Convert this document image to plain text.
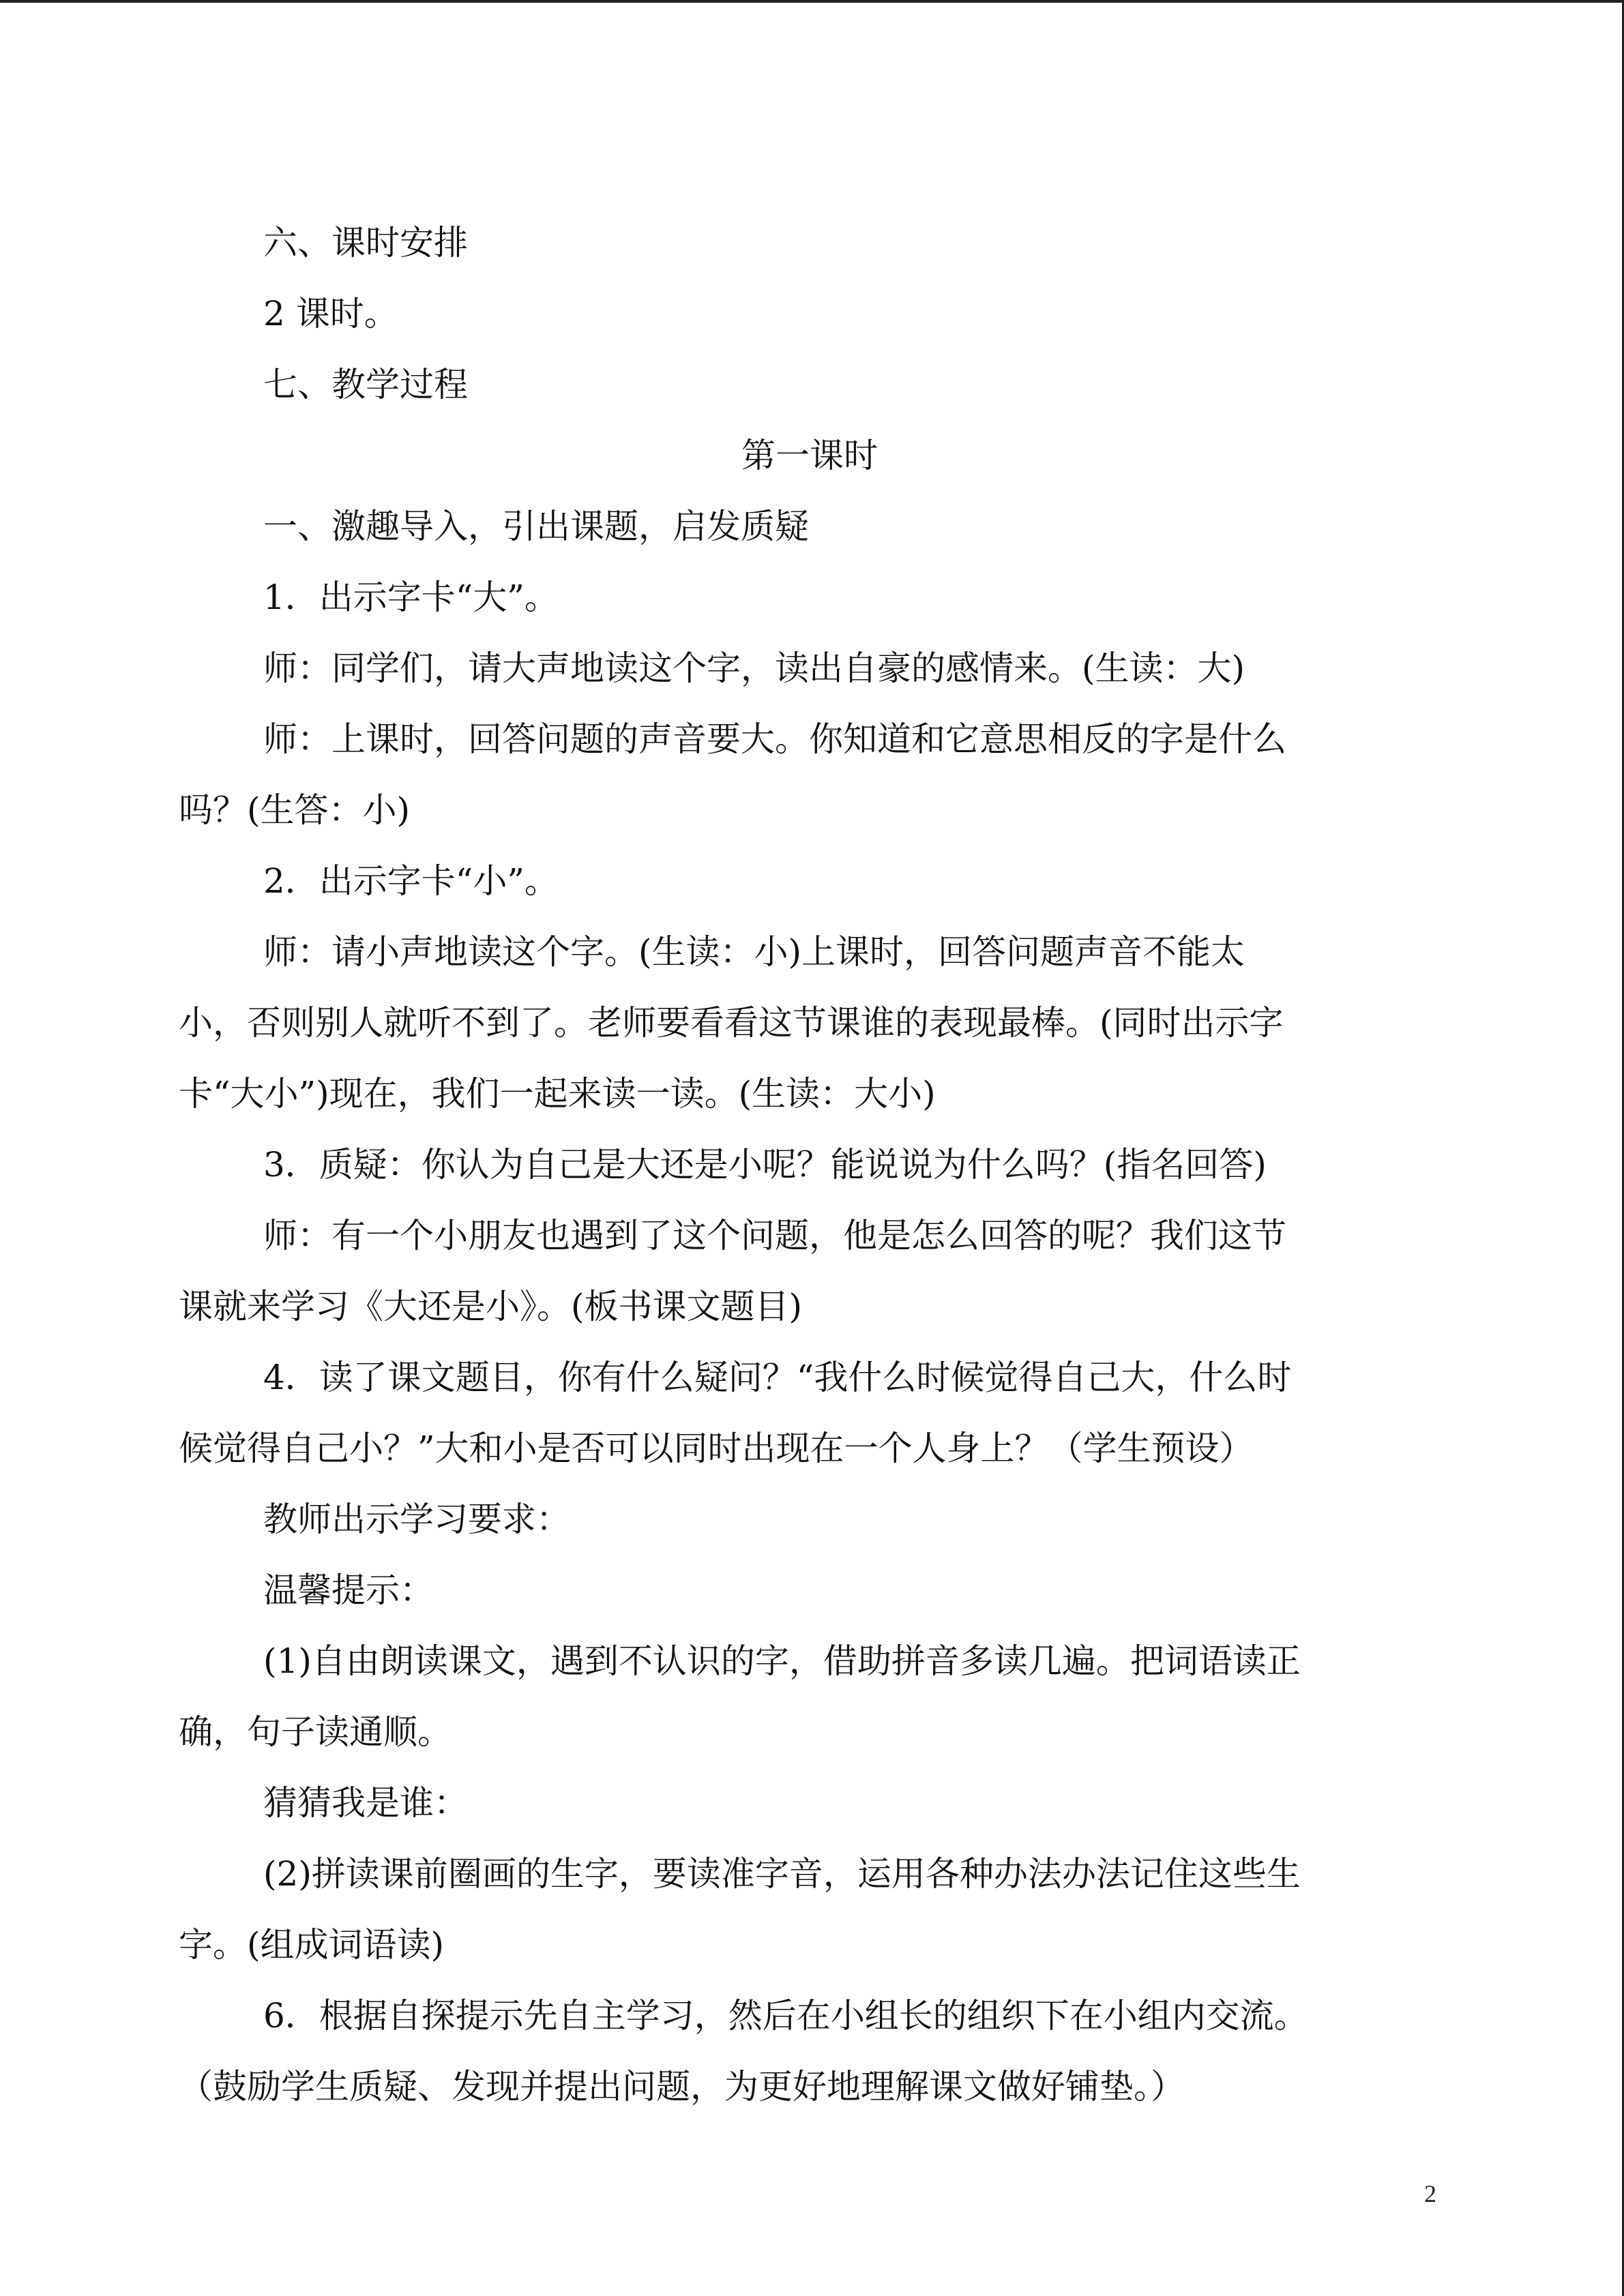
六、课时安排
2 课时。
七、教学过程
第一课时
一、激趣导入，引出课题，启发质疑
1．出示字卡“大”。
师：同学们，请大声地读这个字，读出自豪的感情来。(生读：大)
师：上课时，回答问题的声音要大。你知道和它意思相反的字是什么
吗？(生答：小)
2．出示字卡“小”。
师：请小声地读这个字。(生读：小)上课时，回答问题声音不能太
小，否则别人就听不到了。老师要看看这节课谁的表现最棒。(同时出示字
卡“大小”)现在，我们一起来读一读。(生读：大小)
3．质疑：你认为自己是大还是小呢？能说说为什么吗？(指名回答)
师：有一个小朋友也遇到了这个问题，他是怎么回答的呢？我们这节
课就来学习《大还是小》。(板书课文题目)
4．读了课文题目，你有什么疑问？“我什么时候觉得自己大，什么时
候觉得自己小？”大和小是否可以同时出现在一个人身上？（学生预设）
教师出示学习要求：
温馨提示：
(1)自由朗读课文，遇到不认识的字，借助拼音多读几遍。把词语读正
确，句子读通顺。
猜猜我是谁：
(2)拼读课前圈画的生字，要读准字音，运用各种办法办法记住这些生
字。(组成词语读)
6．根据自探提示先自主学习，然后在小组长的组织下在小组内交流。
（鼓励学生质疑、发现并提出问题，为更好地理解课文做好铺垫。）
2
